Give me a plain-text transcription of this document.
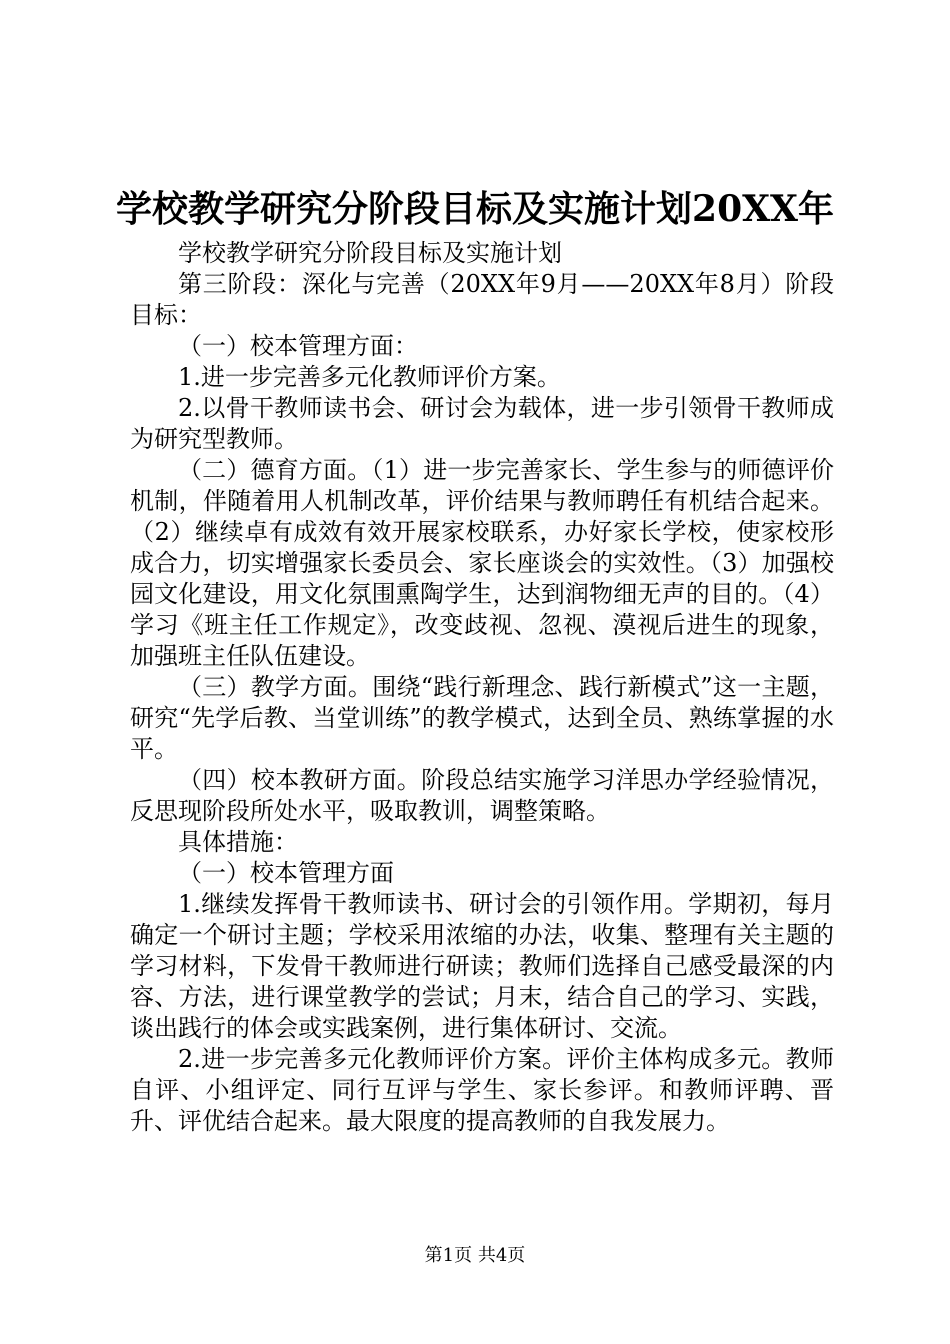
学校教学研究分阶段目标及实施计划20XX年

学校教学研究分阶段目标及实施计划

第三阶段：深化与完善（20XX年9月——20XX年8月）阶段目标：

（一）校本管理方面：

1.进一步完善多元化教师评价方案。

2.以骨干教师读书会、研讨会为载体，进一步引领骨干教师成为研究型教师。

（二）德育方面。（1）进一步完善家长、学生参与的师德评价机制，伴随着用人机制改革，评价结果与教师聘任有机结合起来。（2）继续卓有成效有效开展家校联系，办好家长学校，使家校形成合力，切实增强家长委员会、家长座谈会的实效性。（3）加强校园文化建设，用文化氛围熏陶学生，达到润物细无声的目的。（4）学习《班主任工作规定》，改变歧视、忽视、漠视后进生的现象，加强班主任队伍建设。

（三）教学方面。围绕“践行新理念、践行新模式”这一主题，研究“先学后教、当堂训练”的教学模式，达到全员、熟练掌握的水平。

（四）校本教研方面。阶段总结实施学习洋思办学经验情况，反思现阶段所处水平，吸取教训，调整策略。

具体措施：

（一）校本管理方面

1.继续发挥骨干教师读书、研讨会的引领作用。学期初，每月确定一个研讨主题；学校采用浓缩的办法，收集、整理有关主题的学习材料，下发骨干教师进行研读；教师们选择自己感受最深的内容、方法，进行课堂教学的尝试；月末，结合自己的学习、实践，谈出践行的体会或实践案例，进行集体研讨、交流。

2.进一步完善多元化教师评价方案。评价主体构成多元。教师自评、小组评定、同行互评与学生、家长参评。和教师评聘、晋升、评优结合起来。最大限度的提高教师的自我发展力。

第1页 共4页
